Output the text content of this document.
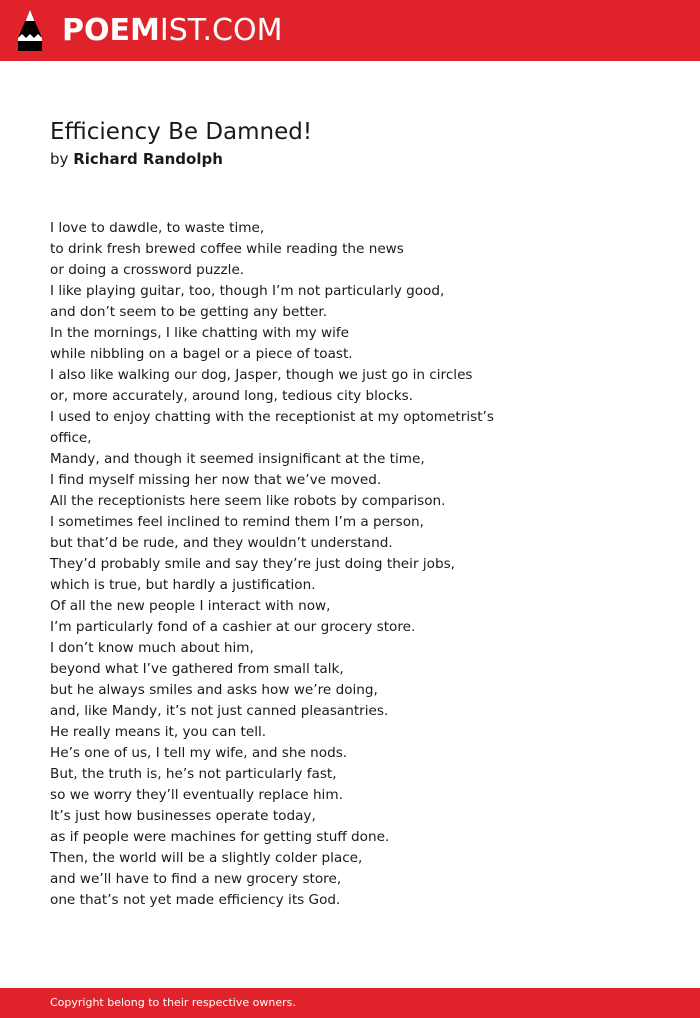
POEMIST.COM
Efficiency Be Damned!
by Richard Randolph
I love to dawdle, to waste time,
to drink fresh brewed coffee while reading the news
or doing a crossword puzzle.
I like playing guitar, too, though I’m not particularly good,
and don’t seem to be getting any better.
In the mornings, I like chatting with my wife
while nibbling on a bagel or a piece of toast.
I also like walking our dog, Jasper, though we just go in circles
or, more accurately, around long, tedious city blocks.
I used to enjoy chatting with the receptionist at my optometrist’s
office,
Mandy, and though it seemed insignificant at the time,
I find myself missing her now that we’ve moved.
All the receptionists here seem like robots by comparison.
I sometimes feel inclined to remind them I’m a person,
but that’d be rude, and they wouldn’t understand.
They’d probably smile and say they’re just doing their jobs,
which is true, but hardly a justification.
Of all the new people I interact with now,
I’m particularly fond of a cashier at our grocery store.
I don’t know much about him,
beyond what I’ve gathered from small talk,
but he always smiles and asks how we’re doing,
and, like Mandy, it’s not just canned pleasantries.
He really means it, you can tell.
He’s one of us, I tell my wife, and she nods.
But, the truth is, he’s not particularly fast,
so we worry they’ll eventually replace him.
It’s just how businesses operate today,
as if people were machines for getting stuff done.
Then, the world will be a slightly colder place,
and we’ll have to find a new grocery store,
one that’s not yet made efficiency its God.
Copyright belong to their respective owners.
